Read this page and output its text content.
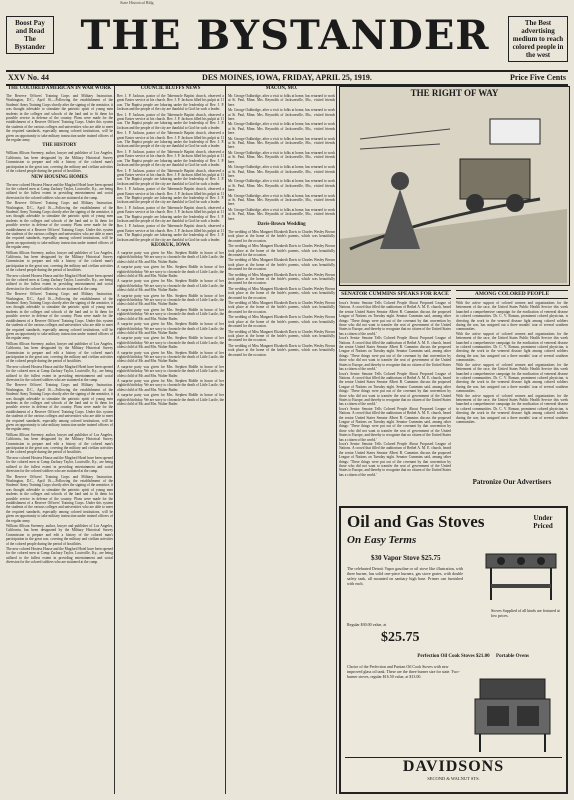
State Historical Bldg
Boost Pay and Read The Bystander THE BYSTANDER	The Best advertising medium to reach colored people in the west
XXV No. 44	DES MOINES, IOWA, FRIDAY, APRIL 25, 1919.	Price Five Cents
THE COLORED AMERICAN IN WAR WORK

The Reserve Officers' Training Corps and Military Instruction. Washington, D.C., April 16.—Following the establishment of the Students' Army Training Corps shortly after the signing of the armistice, it was thought advisable to stimulate the patriotic spirit of young men students in the colleges and schools of the land and to fit them for possible service in defense of the country. Plans were made for the establishment of a Reserve Officers' Training Corps. Under this system the students of the various colleges and universities who are able to meet the required standards, especially among colored institutions, will be given an opportunity to take military instruction under trained officers of the regular army.

THE HISTORY

William Allison Sweeney, author, lawyer and publisher of Los Angeles, California, has been designated by the Military Historical Survey Commission to prepare and edit a history of the colored man's participation in the great war, covering the military and civilian activities of the colored people during the period of hostilities.

NEW HOUSING HOMES

The new colored Hostess House and the Mugford Hotel have been opened for the colored men at Camp Zachary Taylor, Louisville, Ky., are being utilized to the fullest extent in providing entertainment and social diversion for the colored soldiers who are stationed at the camp.

The Reserve Officers' Training Corps and Military Instruction. Washington, D.C., April 16.—Following the establishment of the Students' Army Training Corps shortly after the signing of the armistice, it was thought advisable to stimulate the patriotic spirit of young men students in the colleges and schools of the land and to fit them for possible service in defense of the country. Plans were made for the establishment of a Reserve Officers' Training Corps. Under this system the students of the various colleges and universities who are able to meet the required standards, especially among colored institutions, will be given an opportunity to take military instruction under trained officers of the regular army.

William Allison Sweeney, author, lawyer and publisher of Los Angeles, California, has been designated by the Military Historical Survey Commission to prepare and edit a history of the colored man's participation in the great war, covering the military and civilian activities of the colored people during the period of hostilities.

The new colored Hostess House and the Mugford Hotel have been opened for the colored men at Camp Zachary Taylor, Louisville, Ky., are being utilized to the fullest extent in providing entertainment and social diversion for the colored soldiers who are stationed at the camp.

The Reserve Officers' Training Corps and Military Instruction. Washington, D.C., April 16.—Following the establishment of the Students' Army Training Corps shortly after the signing of the armistice, it was thought advisable to stimulate the patriotic spirit of young men students in the colleges and schools of the land and to fit them for possible service in defense of the country. Plans were made for the establishment of a Reserve Officers' Training Corps. Under this system the students of the various colleges and universities who are able to meet the required standards, especially among colored institutions, will be given an opportunity to take military instruction under trained officers of the regular army.

William Allison Sweeney, author, lawyer and publisher of Los Angeles, California, has been designated by the Military Historical Survey Commission to prepare and edit a history of the colored man's participation in the great war, covering the military and civilian activities of the colored people during the period of hostilities.

The new colored Hostess House and the Mugford Hotel have been opened for the colored men at Camp Zachary Taylor, Louisville, Ky., are being utilized to the fullest extent in providing entertainment and social diversion for the colored soldiers who are stationed at the camp.

The Reserve Officers' Training Corps and Military Instruction. Washington, D.C., April 16.—Following the establishment of the Students' Army Training Corps shortly after the signing of the armistice, it was thought advisable to stimulate the patriotic spirit of young men students in the colleges and schools of the land and to fit them for possible service in defense of the country. Plans were made for the establishment of a Reserve Officers' Training Corps. Under this system the students of the various colleges and universities who are able to meet the required standards, especially among colored institutions, will be given an opportunity to take military instruction under trained officers of the regular army.

William Allison Sweeney, author, lawyer and publisher of Los Angeles, California, has been designated by the Military Historical Survey Commission to prepare and edit a history of the colored man's participation in the great war, covering the military and civilian activities of the colored people during the period of hostilities.

The new colored Hostess House and the Mugford Hotel have been opened for the colored men at Camp Zachary Taylor, Louisville, Ky., are being utilized to the fullest extent in providing entertainment and social diversion for the colored soldiers who are stationed at the camp.

The Reserve Officers' Training Corps and Military Instruction. Washington, D.C., April 16.—Following the establishment of the Students' Army Training Corps shortly after the signing of the armistice, it was thought advisable to stimulate the patriotic spirit of young men students in the colleges and schools of the land and to fit them for possible service in defense of the country. Plans were made for the establishment of a Reserve Officers' Training Corps. Under this system the students of the various colleges and universities who are able to meet the required standards, especially among colored institutions, will be given an opportunity to take military instruction under trained officers of the regular army.

William Allison Sweeney, author, lawyer and publisher of Los Angeles, California, has been designated by the Military Historical Survey Commission to prepare and edit a history of the colored man's participation in the great war, covering the military and civilian activities of the colored people during the period of hostilities.

The new colored Hostess House and the Mugford Hotel have been opened for the colored men at Camp Zachary Taylor, Louisville, Ky., are being utilized to the fullest extent in providing entertainment and social diversion for the colored soldiers who are stationed at the camp.

COUNCIL BLUFFS NEWS

Rev. J. P. Jackson, pastor of the Tabernacle Baptist church, observed a great Easter service at his church. Rev. J. P. Jackson filled his pulpit at 11 a.m. The Baptist people are laboring under the leadership of Rev. J. P. Jackson and the people of the city are thankful to God for such a leader.

Rev. J. P. Jackson, pastor of the Tabernacle Baptist church, observed a great Easter service at his church. Rev. J. P. Jackson filled his pulpit at 11 a.m. The Baptist people are laboring under the leadership of Rev. J. P. Jackson and the people of the city are thankful to God for such a leader.

Rev. J. P. Jackson, pastor of the Tabernacle Baptist church, observed a great Easter service at his church. Rev. J. P. Jackson filled his pulpit at 11 a.m. The Baptist people are laboring under the leadership of Rev. J. P. Jackson and the people of the city are thankful to God for such a leader.

Rev. J. P. Jackson, pastor of the Tabernacle Baptist church, observed a great Easter service at his church. Rev. J. P. Jackson filled his pulpit at 11 a.m. The Baptist people are laboring under the leadership of Rev. J. P. Jackson and the people of the city are thankful to God for such a leader.

Rev. J. P. Jackson, pastor of the Tabernacle Baptist church, observed a great Easter service at his church. Rev. J. P. Jackson filled his pulpit at 11 a.m. The Baptist people are laboring under the leadership of Rev. J. P. Jackson and the people of the city are thankful to God for such a leader.

Rev. J. P. Jackson, pastor of the Tabernacle Baptist church, observed a great Easter service at his church. Rev. J. P. Jackson filled his pulpit at 11 a.m. The Baptist people are laboring under the leadership of Rev. J. P. Jackson and the people of the city are thankful to God for such a leader.

Rev. J. P. Jackson, pastor of the Tabernacle Baptist church, observed a great Easter service at his church. Rev. J. P. Jackson filled his pulpit at 11 a.m. The Baptist people are laboring under the leadership of Rev. J. P. Jackson and the people of the city are thankful to God for such a leader.

Rev. J. P. Jackson, pastor of the Tabernacle Baptist church, observed a great Easter service at his church. Rev. J. P. Jackson filled his pulpit at 11 a.m. The Baptist people are laboring under the leadership of Rev. J. P. Jackson and the people of the city are thankful to God for such a leader.

KEOKUK, IOWA

A surprise party was given for Mrs. Stephen Biddle in honor of her eightieth birthday. We are sorry to chronicle the death of Little Lucile, the oldest child of Mr. and Mrs. Walter Butler.

A surprise party was given for Mrs. Stephen Biddle in honor of her eightieth birthday. We are sorry to chronicle the death of Little Lucile, the oldest child of Mr. and Mrs. Walter Butler.

A surprise party was given for Mrs. Stephen Biddle in honor of her eightieth birthday. We are sorry to chronicle the death of Little Lucile, the oldest child of Mr. and Mrs. Walter Butler.

A surprise party was given for Mrs. Stephen Biddle in honor of her eightieth birthday. We are sorry to chronicle the death of Little Lucile, the oldest child of Mr. and Mrs. Walter Butler.

A surprise party was given for Mrs. Stephen Biddle in honor of her eightieth birthday. We are sorry to chronicle the death of Little Lucile, the oldest child of Mr. and Mrs. Walter Butler.

A surprise party was given for Mrs. Stephen Biddle in honor of her eightieth birthday. We are sorry to chronicle the death of Little Lucile, the oldest child of Mr. and Mrs. Walter Butler.

A surprise party was given for Mrs. Stephen Biddle in honor of her eightieth birthday. We are sorry to chronicle the death of Little Lucile, the oldest child of Mr. and Mrs. Walter Butler.

A surprise party was given for Mrs. Stephen Biddle in honor of her eightieth birthday. We are sorry to chronicle the death of Little Lucile, the oldest child of Mr. and Mrs. Walter Butler.

A surprise party was given for Mrs. Stephen Biddle in honor of her eightieth birthday. We are sorry to chronicle the death of Little Lucile, the oldest child of Mr. and Mrs. Walter Butler.

A surprise party was given for Mrs. Stephen Biddle in honor of her eightieth birthday. We are sorry to chronicle the death of Little Lucile, the oldest child of Mr. and Mrs. Walter Butler.

A surprise party was given for Mrs. Stephen Biddle in honor of her eightieth birthday. We are sorry to chronicle the death of Little Lucile, the oldest child of Mr. and Mrs. Walter Butler.

MACON, MO.

Mr. George Oakbridge, after a visit to folks at home, has returned to work at St. Paul, Minn. Mrs. Reynolds of Jacksonville, Mo., visited friends here.

Mr. George Oakbridge, after a visit to folks at home, has returned to work at St. Paul, Minn. Mrs. Reynolds of Jacksonville, Mo., visited friends here.

Mr. George Oakbridge, after a visit to folks at home, has returned to work at St. Paul, Minn. Mrs. Reynolds of Jacksonville, Mo., visited friends here.

Mr. George Oakbridge, after a visit to folks at home, has returned to work at St. Paul, Minn. Mrs. Reynolds of Jacksonville, Mo., visited friends here.

Mr. George Oakbridge, after a visit to folks at home, has returned to work at St. Paul, Minn. Mrs. Reynolds of Jacksonville, Mo., visited friends here.

Mr. George Oakbridge, after a visit to folks at home, has returned to work at St. Paul, Minn. Mrs. Reynolds of Jacksonville, Mo., visited friends here.

Mr. George Oakbridge, after a visit to folks at home, has returned to work at St. Paul, Minn. Mrs. Reynolds of Jacksonville, Mo., visited friends here.

Mr. George Oakbridge, after a visit to folks at home, has returned to work at St. Paul, Minn. Mrs. Reynolds of Jacksonville, Mo., visited friends here.

Mr. George Oakbridge, after a visit to folks at home, has returned to work at St. Paul, Minn. Mrs. Reynolds of Jacksonville, Mo., visited friends here.

Davis-Brown Wedding

The wedding of Miss Margaret Elizabeth Davis to Charles Wesley Brown took place at the home of the bride's parents, which was beautifully decorated for the occasion.

The wedding of Miss Margaret Elizabeth Davis to Charles Wesley Brown took place at the home of the bride's parents, which was beautifully decorated for the occasion.

The wedding of Miss Margaret Elizabeth Davis to Charles Wesley Brown took place at the home of the bride's parents, which was beautifully decorated for the occasion.

The wedding of Miss Margaret Elizabeth Davis to Charles Wesley Brown took place at the home of the bride's parents, which was beautifully decorated for the occasion.

The wedding of Miss Margaret Elizabeth Davis to Charles Wesley Brown took place at the home of the bride's parents, which was beautifully decorated for the occasion.

The wedding of Miss Margaret Elizabeth Davis to Charles Wesley Brown took place at the home of the bride's parents, which was beautifully decorated for the occasion.

The wedding of Miss Margaret Elizabeth Davis to Charles Wesley Brown took place at the home of the bride's parents, which was beautifully decorated for the occasion.

The wedding of Miss Margaret Elizabeth Davis to Charles Wesley Brown took place at the home of the bride's parents, which was beautifully decorated for the occasion.

The wedding of Miss Margaret Elizabeth Davis to Charles Wesley Brown took place at the home of the bride's parents, which was beautifully decorated for the occasion.

THE RIGHT OF WAY
SENATOR CUMMINS SPEAKS FOR RACE

Iowa's Senior Senator Tells Colored People About Proposed League of Nations. A crowd that filled the auditorium of Bethel A. M. E. church, heard the senior United States Senator Albert B. Cummins discuss the proposed League of Nations on Tuesday night. Senator Cummins said, among other things: 'These things were put out of the covenant by that convention by those who did not want to transfer the seat of government of the United States to Europe, and thereby to recognize that no citizen of the United States has a citizen of the world.'

Iowa's Senior Senator Tells Colored People About Proposed League of Nations. A crowd that filled the auditorium of Bethel A. M. E. church, heard the senior United States Senator Albert B. Cummins discuss the proposed League of Nations on Tuesday night. Senator Cummins said, among other things: 'These things were put out of the covenant by that convention by those who did not want to transfer the seat of government of the United States to Europe, and thereby to recognize that no citizen of the United States has a citizen of the world.'

Iowa's Senior Senator Tells Colored People About Proposed League of Nations. A crowd that filled the auditorium of Bethel A. M. E. church, heard the senior United States Senator Albert B. Cummins discuss the proposed League of Nations on Tuesday night. Senator Cummins said, among other things: 'These things were put out of the covenant by that convention by those who did not want to transfer the seat of government of the United States to Europe, and thereby to recognize that no citizen of the United States has a citizen of the world.'

Iowa's Senior Senator Tells Colored People About Proposed League of Nations. A crowd that filled the auditorium of Bethel A. M. E. church, heard the senior United States Senator Albert B. Cummins discuss the proposed League of Nations on Tuesday night. Senator Cummins said, among other things: 'These things were put out of the covenant by that convention by those who did not want to transfer the seat of government of the United States to Europe, and thereby to recognize that no citizen of the United States has a citizen of the world.'

Iowa's Senior Senator Tells Colored People About Proposed League of Nations. A crowd that filled the auditorium of Bethel A. M. E. church, heard the senior United States Senator Albert B. Cummins discuss the proposed League of Nations on Tuesday night. Senator Cummins said, among other things: 'These things were put out of the covenant by that convention by those who did not want to transfer the seat of government of the United States to Europe, and thereby to recognize that no citizen of the United States has a citizen of the world.'

AMONG COLORED PEOPLE

With the active support of colored women and organizations for the betterment of the race, the United States Public Health Service this week launched a comprehensive campaign for the eradication of venereal disease in colored communities. Dr. C. V. Roman, prominent colored physician, is directing the work in the venereal disease fight among colored soldiers during the war, has assigned out a three months' tour of several southern communities.

With the active support of colored women and organizations for the betterment of the race, the United States Public Health Service this week launched a comprehensive campaign for the eradication of venereal disease in colored communities. Dr. C. V. Roman, prominent colored physician, is directing the work in the venereal disease fight among colored soldiers during the war, has assigned out a three months' tour of several southern communities.

With the active support of colored women and organizations for the betterment of the race, the United States Public Health Service this week launched a comprehensive campaign for the eradication of venereal disease in colored communities. Dr. C. V. Roman, prominent colored physician, is directing the work in the venereal disease fight among colored soldiers during the war, has assigned out a three months' tour of several southern communities.

With the active support of colored women and organizations for the betterment of the race, the United States Public Health Service this week launched a comprehensive campaign for the eradication of venereal disease in colored communities. Dr. C. V. Roman, prominent colored physician, is directing the work in the venereal disease fight among colored soldiers during the war, has assigned out a three months' tour of several southern communities.

Patronize Our Advertisers
Oil and Gas Stoves	Under Priced
On Easy Terms
$30 Vapor Stove $25.75
The celebrated Detroit Vapor gasoline or oil stove like illustration, with three burner, has solid one-piece burners, gas stove grates, with double safety tank, all mounted on sanitary high base. Primer can furnished with each.
Regular $30.00 value, at
$25.75
Stoves Supplied of all kinds are featured at low prices.
Perfection Oil Cook Stoves $21.00
Choice of the Perfection and Puritan Oil Cook Stoves with new improved glass oil tank. These are the three burner size for state. Two-burner stoves, regular $16.50 value, at $13.00.
Portable Ovens
DAVIDSONS
SECOND & WALNUT STS.
